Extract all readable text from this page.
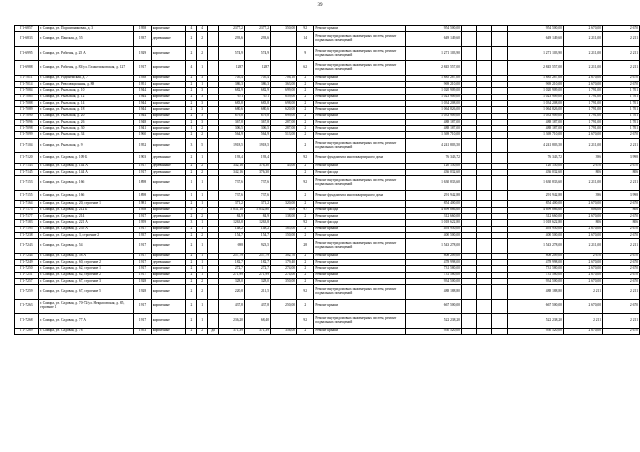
39
Г1-6857	г. Самара, ул. Подшипниковая, д. 3	1958	кирпичные	4	4		2377,2	2377,2	350,00	92	Ремонт крыши	954 500,00				954 500,00	2 670,00	2 670
Г1-6833	г. Самара, ул. Панская, д. 55	1937	деревянные	2	2		293,6	293,6		14	Ремонт внутридомовых инженерных систем, ремонт подвальных помещений	649 149,60				649 149,60	2 211,00	2 211
Г1-6995	г. Самара, ул. Рабочая, д. 25 А	1929	кирпичные	2	2		574,9	574,9		9	Ремонт внутридомовых инженерных систем, ремонт подвальных помещений	1 271 103,90				1 271 103,90	2 211,00	2 211
Г1-6988	г. Самара, ул. Рабочая, д. 83/ул. Галактионовская, д. 127	1917	кирпичные	4	1		1287	1287		62	Ремонт внутридомовых инженерных систем, ремонт подвальных помещений	2 845 557,00				2 845 557,00	2 211,00	2 211
Г1-7011	г. Самара, ул. Радонежская, д. 7	1938	кирпичные	2	3		705,4	705,4	706,10	2	Ремонт крыши	1 885 287,00				1 885 287,00	2 670,00	2 670
Г1-7014	г. Самара, ул. Революционная, д. 88	1951	кирпичные	2	1		386,3	386,3	363,00	2	Ремонт крыши	969 210,00				969 210,00	2 670,00	2 670
Г1-7084	г. Самара, ул. Рыльская, д. 10	1944	кирпичные	2	3		682,9	682,9	699,00	2	Ремонт крыши	1 020 909,00				1 020 909,00	1 791,00	1 701
Г1-7085	г. Самара, ул. Рыльская, д. 12	1944	кирпичные	2	3		671	671	659,00	2	Ремонт крыши	1 023 909,00				1 023 909,00	1 791,00	1 701
Г1-7088	г. Самара, ул. Рыльская, д. 14	1944	кирпичные	2	3		683,8	683,8	698,00	2	Ремонт крыши	1 034 208,00				1 034 208,00	1 791,00	1 701
Г1-7089	г. Самара, ул. Рыльская, д. 18	1944	кирпичные	2	3		680,6	680,6	620,00	2	Ремонт крыши	1 064 826,00				1 064 826,00	1 791,00	1 701
Г1-7090	г. Самара, ул. Рыльская, д. 20	1944	кирпичные	2	3		679,8	679,8	699,00	2	Ремонт крыши	1 033 909,00				1 033 909,00	1 791,00	1 701
Г1-7096	г. Самара, ул. Рыльская, д. 26	1948	кирпичные	2	3		367,8	367,8	287,00	2	Ремонт крыши	488 187,00				488 187,00	1 791,00	1 701
Г1-7098	г. Самара, ул. Рыльская, д. 30	1941	кирпичные	1	2		306,5	306,5	287,00	2	Ремонт крыши	488 187,00				488 187,00	1 791,00	1 701
Г1-7099	г. Самара, ул. Рыльская, д. 34	1960	кирпичные	2	2		564,9	564,9	513,00	2	Ремонт крыши	1 369 710,00				1 369 710,00	2 670,00	2 670
Г1-7104	г. Самара, ул. Рыльская, д. 9	1952	кирпичные	3	5		1918,5	1918,5		2	Ремонт внутридомовых инженерных систем, ремонт подвальных помещений	4 241 803,50				4 241 803,50	2 211,00	2 211
Г1-7120	г. Самара, ул. Садовая, д. 109 Б	1903	деревянные	2	1		193,4	193,4		92	Ремонт фундамента многоквартирного дома	76 343,72				76 343,72	396	3 998
Г1-7143	г. Самара, ул. Садовая, д. 144 А	1917	деревянные	2	2		342,16	376,30	45,00	2	Ремонт крыши	120 150,00				120 150,00	2 670	2 670
Г1-7145	г. Самара, ул. Садовая, д. 144 А	1917	деревянные	2	2		342,16	376,30		2	Ремонт фасада	436 032,60				436 032,60	806	806
Г1-7153	г. Самара, ул. Садовая, д. 166	1898	кирпичные	1	1		737,6	737,6		92	Ремонт внутридомовых инженерных систем, ремонт подвальных помещений	1 630 833,60				1 630 833,60	2 211,00	2 211
Г1-7155	г. Самара, ул. Садовая, д. 166	1898	кирпичные	1	1		737,6	737,6		2	Ремонт фундамента многоквартирного дома	291 942,88				291 942,88	396	3 998
Г1-7164	г. Самара, ул. Садовая, д. 20, строение 1	1981	кирпичные	2	1		371,2	371,2	320,00	2	Ремонт крыши	854 400,00				854 400,00	2 670,00	2 670
Г1-7175	г. Самара, ул. Садовая, д. 212 Б	1958	кирпичные	5	7		5 831,10	5 832,80	0,00	97	Ремонт фасада	4 699 866,60				4 699 866,60	806,00	806
Г1-7177	г. Самара, ул. Садовая, д. 214	1917	деревянные	2	2		84,9	84,9	138,00	2	Ремонт крыши	312 660,00				312 660,00	2 670,00	2 670
Г1-7183	г. Самара, ул. Садовая, д. 221 А	1959	кирпичные	3	1		1263,8	1263,8		92	Ремонт фасада	1 018 622,80				1 018 622,80	806	806
Г1-7195	г. Самара, ул. Садовая, д. 255 А	1917	кирпичные	2	1		148,2	148,2	185,00	2	Ремонт крыши	493 950,00				493 950,00	2 670,00	2 670
Г1-7238	г. Самара, ул. Садовая, д. 3, строение 2	1937	кирпичные	2	2		154,7	154,7	150,00	2	Ремонт крыши	400 500,00				400 500,00	2 670,00	2 670
Г1-7243	г. Самара, ул. Садовая, д. 54	1917	кирпичные	2	1		698	923,5		28	Ремонт внутридомовых инженерных систем, ремонт подвальных помещений	1 543 278,00				1 543 278,00	2 211,00	2 211
Г1-7244	г. Самара, ул. Садовая, д. 58 А	1917	кирпичные	2	1		257,79	257,79	302,70	2	Ремонт крыши	808 209,00				808 209,00	2 670	2 670
Г1-7249	г. Самара, ул. Садовая, д. 60, строение 2	1917	деревянные	2	1		182,7	182,7	179,40	2	Ремонт крыши	478 998,00				478 998,00	2 670,00	2 670
Г1-7250	г. Самара, ул. Садовая, д. 62, строение 1	1917	кирпичные	2	1		272,7	272,7	274,00	2	Ремонт крыши	731 580,00				731 580,00	2 670,00	2 670
Г1-7251	г. Самара, ул. Садовая, д. 62, строение 2	1917	кирпичные	2	1		271,99	271,99	274,00	2	Ремонт крыши	731 580,00				731 580,00	2 670,00	2 670
Г1-7257	г. Самара, ул. Садовая, д. 67, строение 3	1928	кирпичные	2	2		328,0	328,0	350,00	2	Ремонт крыши	934 500,00				934 500,00	2 670,00	2 670
Г1-7259	г. Самара, ул. Садовая, д. 67, строение 5	1928	кирпичные	2	2		220,8	211,5		92	Ремонт внутридомовых инженерных систем, ремонт подвальных помещений	488 188,80				488 188,80	2 211	2 211
Г1-7263	г. Самара, ул. Садовая, д. 70-72/ул. Некрасовская, д. 85, строение 1	1917	кирпичные	2	1		437,8	437,8	250,00	2	Ремонт крыши	667 500,00				667 500,00	2 670,00	2 670
Г1-7268	г. Самара, ул. Садовая, д. 77 А	1917	кирпичные	2	1		236,20	68,40		92	Ремонт внутридомовых инженерных систем, ремонт подвальных помещений	522 238,20				522 238,20	2 211	2 211
Г1-7269	г. Самара, ул. Садовая, д. 78	1953	кирпичные	2	2	да	371,39	371,39	356,00	2	Ремонт крыши	950 520,00				950 520,00	2 670,00	2 670
